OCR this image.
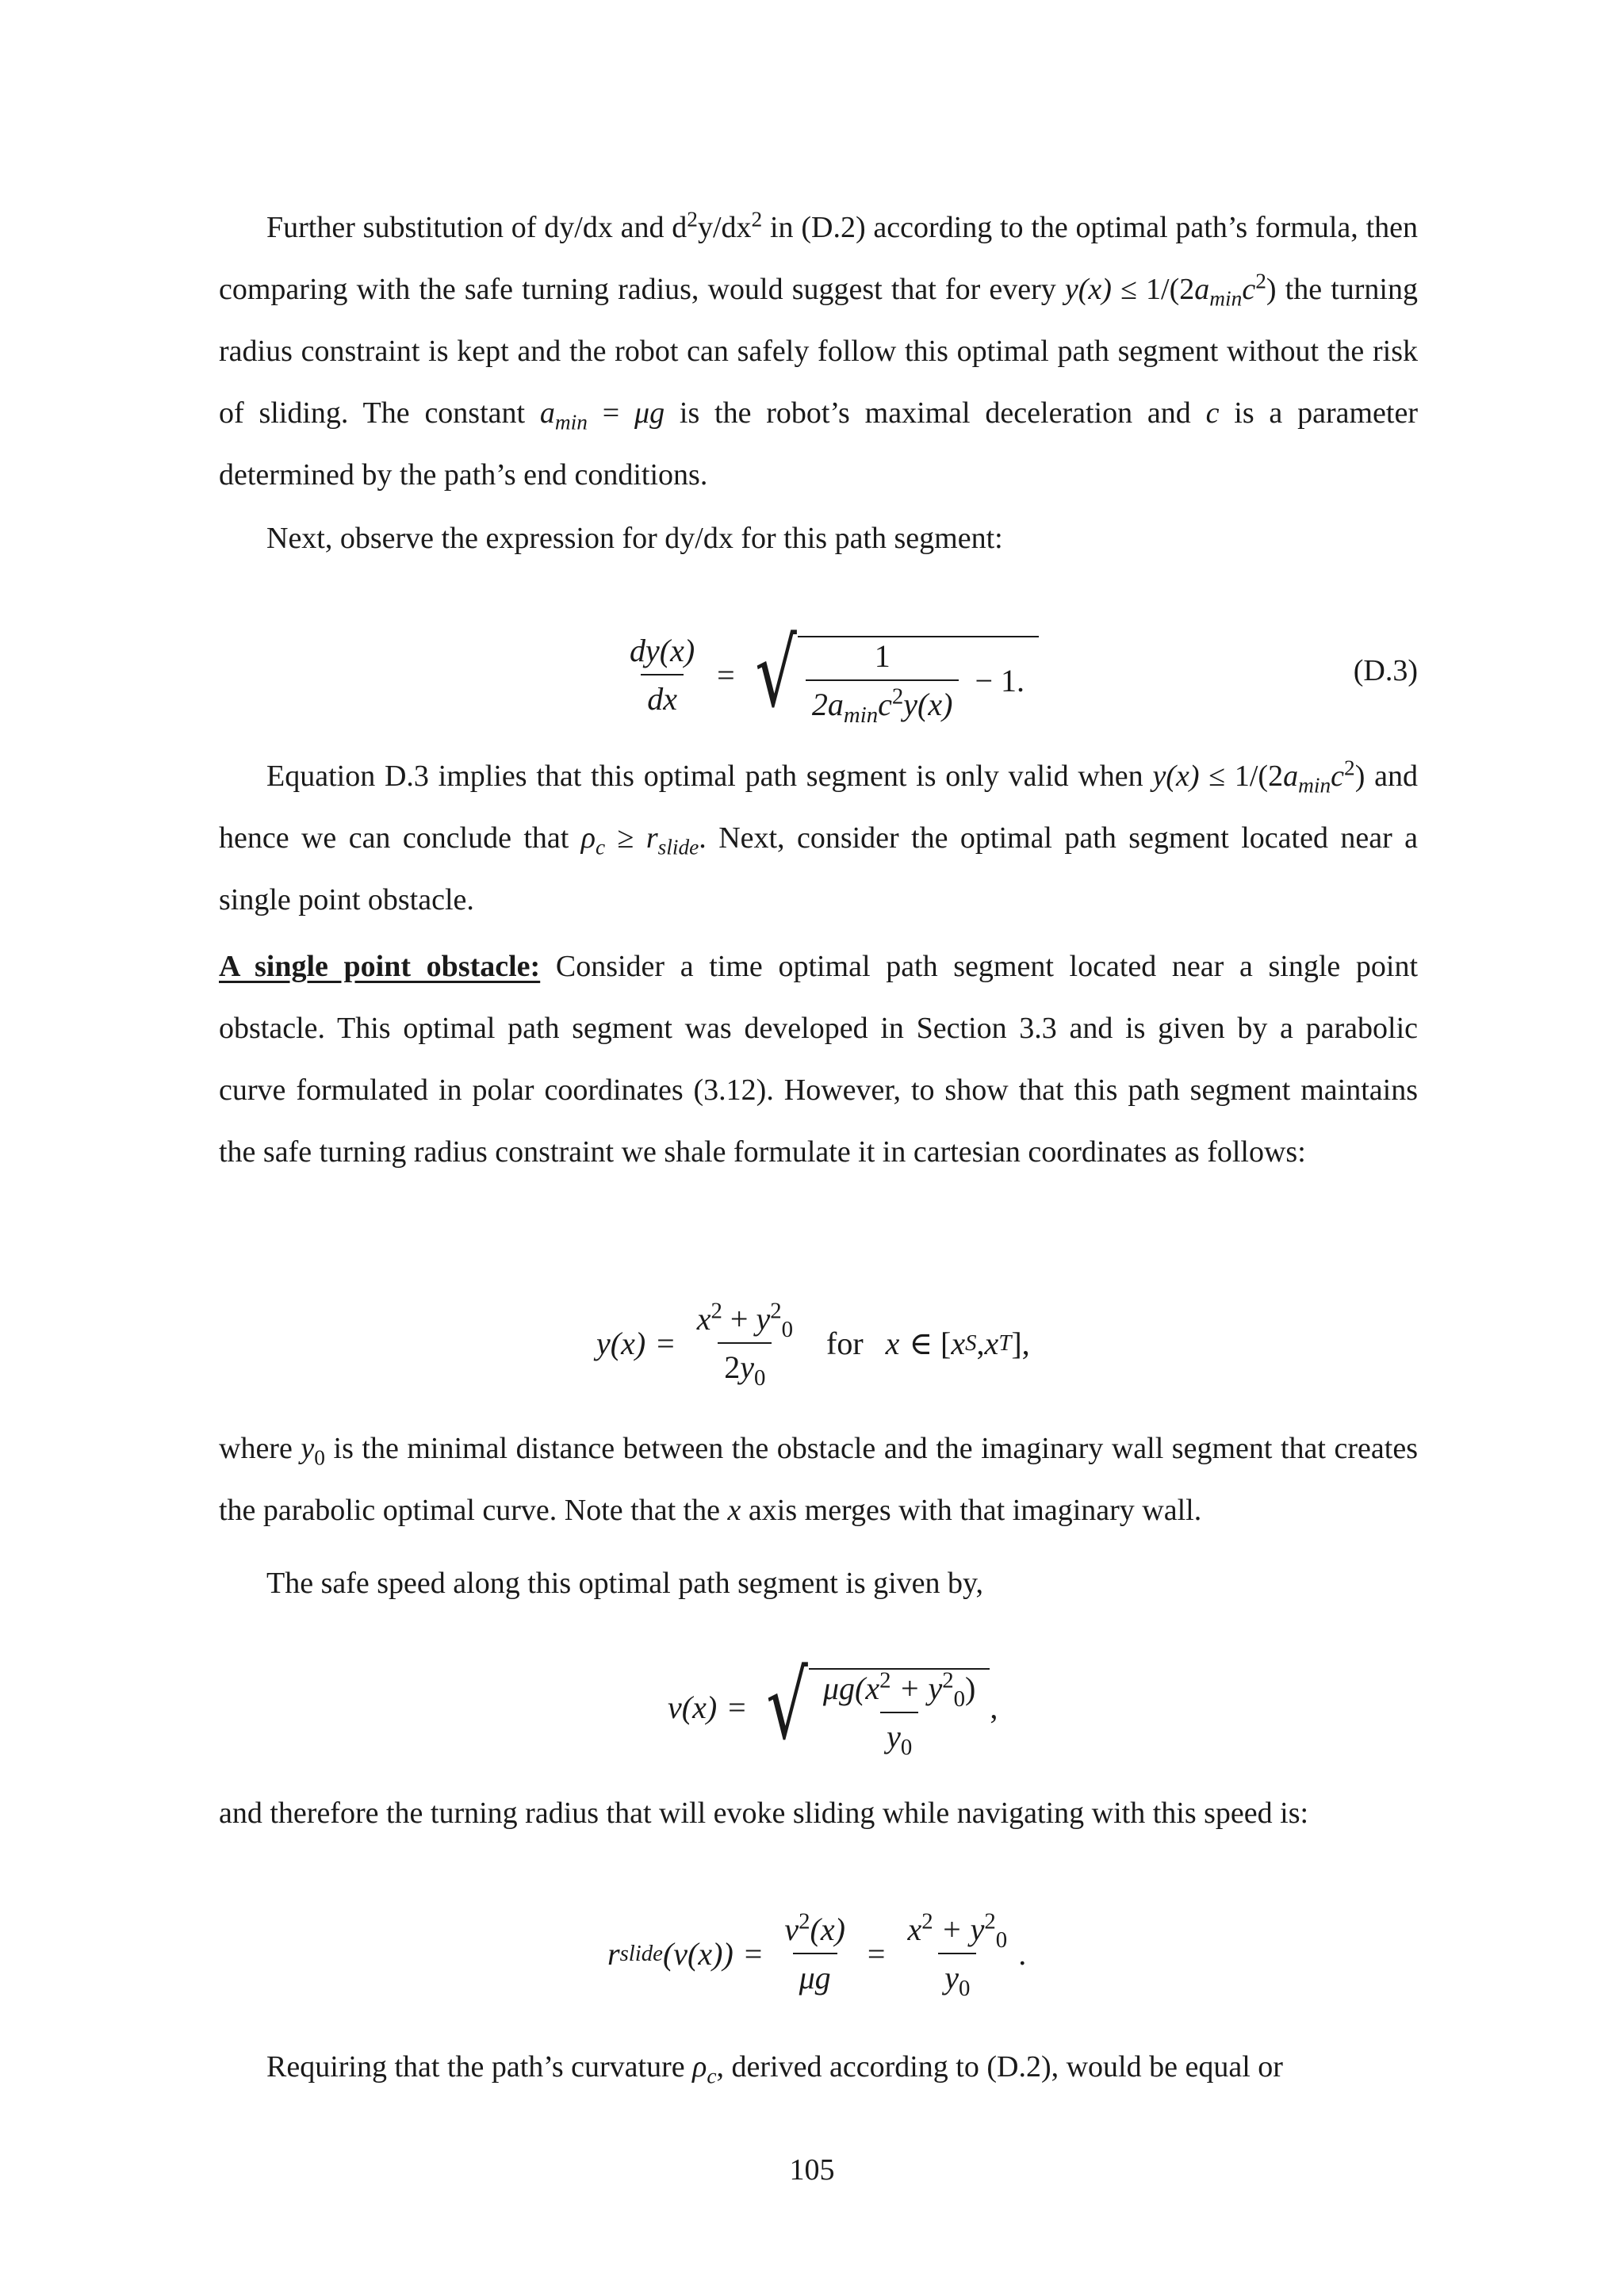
Further substitution of dy/dx and $d^2y/dx^2$ in (D.2) according to the optimal path’s formula, then comparing with the safe turning radius, would suggest that for every $y(x) \le 1/(2a_{min}c^2)$ the turning radius constraint is kept and the robot can safely follow this optimal path segment without the risk of sliding. The constant $a_{min} = \mu g$ is the robot’s maximal deceleration and c is a parameter determined by the path’s end conditions.

Next, observe the expression for dy/dx for this path segment:

$\frac{dy(x)}{dx}$ = √ $\frac{1}{2a_{min}c^2y(x)} - 1$.	(D.3)

Equation D.3 implies that this optimal path segment is only valid when $y(x) \le 1/(2a_{min}c^2)$ and hence we can conclude that $\rho_c \ge r_{slide}$. Next, consider the optimal path segment located near a single point obstacle.

A single point obstacle: Consider a time optimal path segment located near a single point obstacle. This optimal path segment was developed in Section 3.3 and is given by a parabolic curve formulated in polar coordinates (3.12). However, to show that this path segment maintains the safe turning radius constraint we shale formulate it in cartesian coordinates as follows:

$y(x) = \frac{x^2 + y^2_0}{2y_0}$ for x ∈ [ x S , x T ],

where $y_0$ is the minimal distance between the obstacle and the imaginary wall segment that creates the parabolic optimal curve. Note that the x axis merges with that imaginary wall.

The safe speed along this optimal path segment is given by,

ν(x) = √ $\frac{\mu g(x^2 + y^2_0)}{y_0}$ ,

and therefore the turning radius that will evoke sliding while navigating with this speed is:

r slide $(\nu(x)) = \frac{\nu^2(x)}{\mu g} = \frac{x^2 + y^2_0}{y_0}$ .

Requiring that the path’s curvature $\rho_c$, derived according to (D.2), would be equal or

105
